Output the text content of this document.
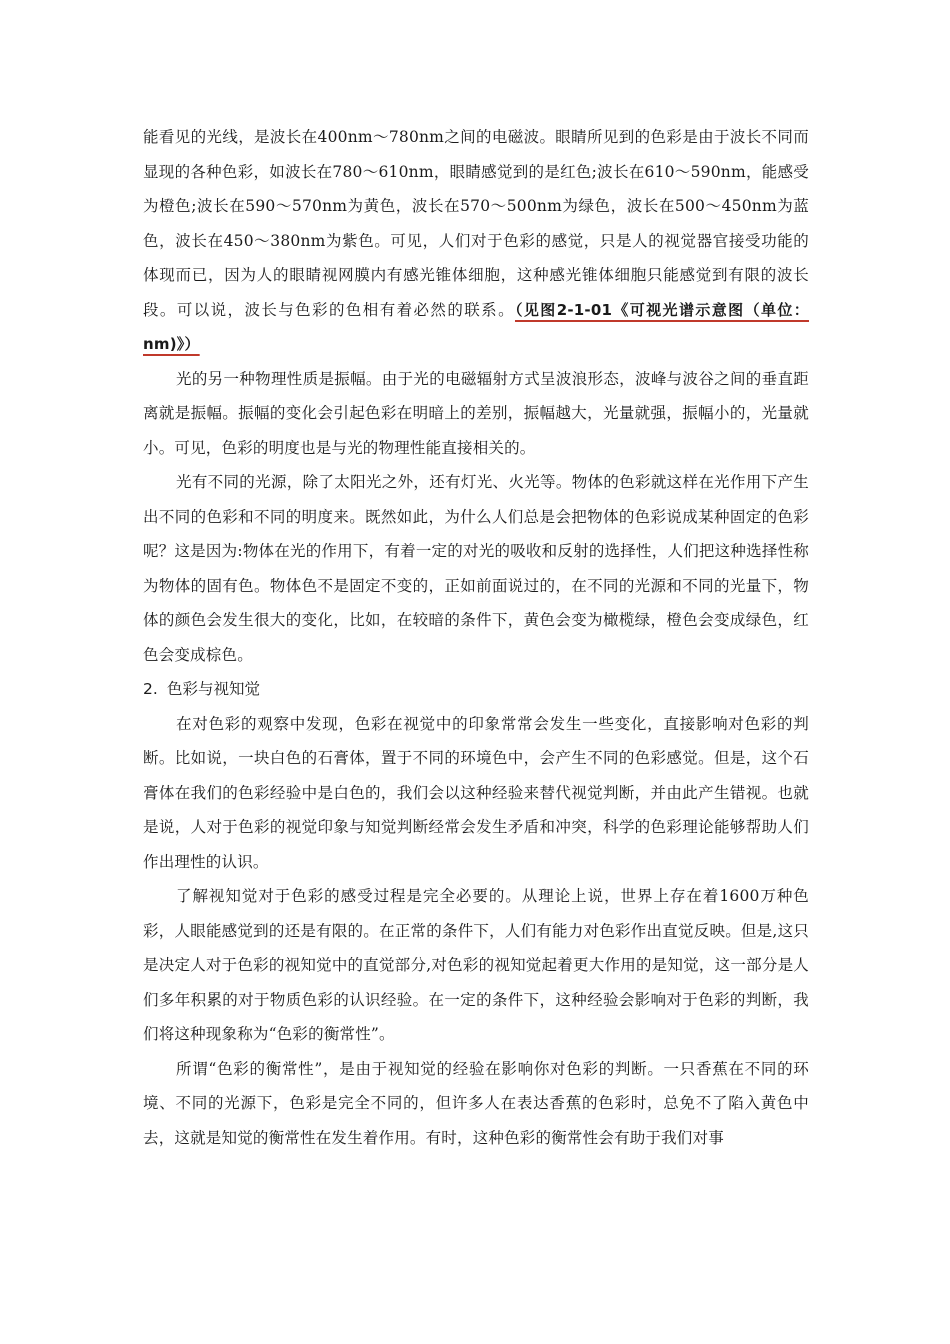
能看见的光线，是波长在400nm～780nm之间的电磁波。眼睛所见到的色彩是由于波长不同而显现的各种色彩，如波长在780～610nm，眼睛感觉到的是红色;波长在610～590nm，能感受为橙色;波长在590～570nm为黄色，波长在570～500nm为绿色，波长在500～450nm为蓝色，波长在450～380nm为紫色。可见，人们对于色彩的感觉，只是人的视觉器官接受功能的体现而已，因为人的眼睛视网膜内有感光锥体细胞，这种感光锥体细胞只能感觉到有限的波长段。可以说，波长与色彩的色相有着必然的联系。（见图2-1-01《可视光谱示意图（单位：nm)》）

光的另一种物理性质是振幅。由于光的电磁辐射方式呈波浪形态，波峰与波谷之间的垂直距离就是振幅。振幅的变化会引起色彩在明暗上的差别，振幅越大，光量就强，振幅小的，光量就小。可见，色彩的明度也是与光的物理性能直接相关的。

光有不同的光源，除了太阳光之外，还有灯光、火光等。物体的色彩就这样在光作用下产生出不同的色彩和不同的明度来。既然如此，为什么人们总是会把物体的色彩说成某种固定的色彩呢？这是因为:物体在光的作用下，有着一定的对光的吸收和反射的选择性，人们把这种选择性称为物体的固有色。物体色不是固定不变的，正如前面说过的，在不同的光源和不同的光量下，物体的颜色会发生很大的变化，比如，在较暗的条件下，黄色会变为橄榄绿，橙色会变成绿色，红色会变成棕色。

2. 色彩与视知觉

在对色彩的观察中发现，色彩在视觉中的印象常常会发生一些变化，直接影响对色彩的判断。比如说，一块白色的石膏体，置于不同的环境色中，会产生不同的色彩感觉。但是，这个石膏体在我们的色彩经验中是白色的，我们会以这种经验来替代视觉判断，并由此产生错视。也就是说，人对于色彩的视觉印象与知觉判断经常会发生矛盾和冲突，科学的色彩理论能够帮助人们作出理性的认识。

了解视知觉对于色彩的感受过程是完全必要的。从理论上说，世界上存在着1600万种色彩，人眼能感觉到的还是有限的。在正常的条件下，人们有能力对色彩作出直觉反映。但是,这只是决定人对于色彩的视知觉中的直觉部分,对色彩的视知觉起着更大作用的是知觉，这一部分是人们多年积累的对于物质色彩的认识经验。在一定的条件下，这种经验会影响对于色彩的判断，我们将这种现象称为“色彩的衡常性”。

所谓“色彩的衡常性”，是由于视知觉的经验在影响你对色彩的判断。一只香蕉在不同的环境、不同的光源下，色彩是完全不同的，但许多人在表达香蕉的色彩时，总免不了陷入黄色中去，这就是知觉的衡常性在发生着作用。有时，这种色彩的衡常性会有助于我们对事
